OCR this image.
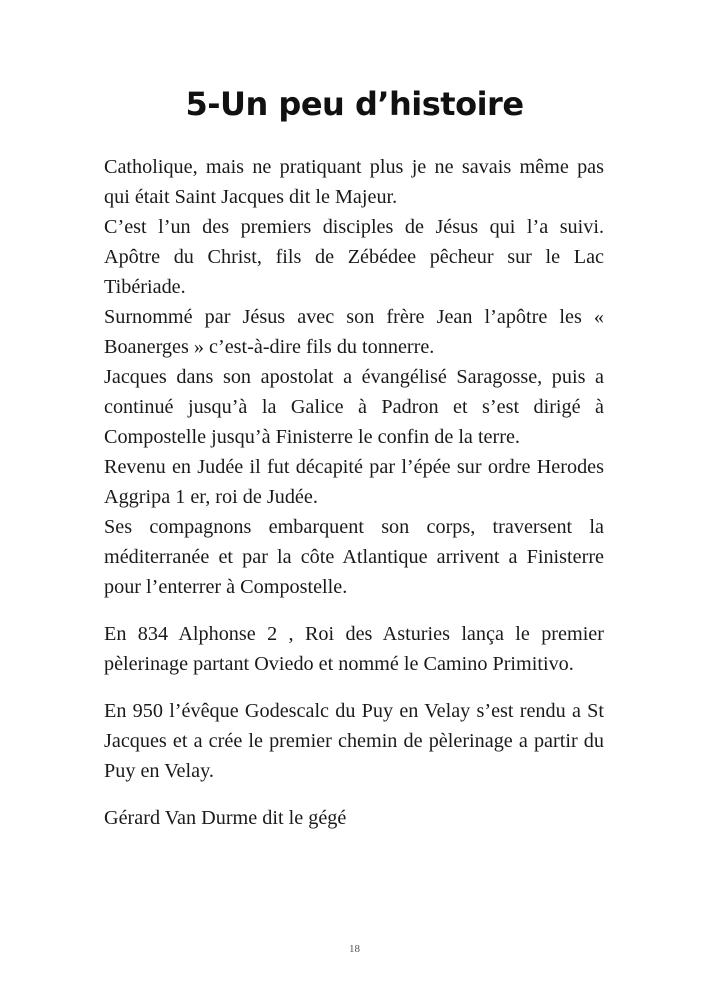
5-Un peu d’histoire

Catholique, mais ne pratiquant plus je ne savais même pas qui était Saint Jacques dit le Majeur.

C’est l’un des premiers disciples de Jésus qui l’a suivi. Apôtre du Christ, fils de Zébédee pêcheur sur le Lac Tibériade.

Surnommé par Jésus avec son frère Jean l’apôtre les « Boanerges » c’est-à-dire fils du tonnerre.

Jacques dans son apostolat a évangélisé Saragosse, puis a continué jusqu’à la Galice à Padron et s’est dirigé à Compostelle jusqu’à Finisterre le confin de la terre.

Revenu en Judée il fut décapité par l’épée sur ordre Herodes Aggripa 1 er, roi de Judée.

Ses compagnons embarquent son corps, traversent la méditerranée et par la côte Atlantique arrivent a Finisterre pour l’enterrer à Compostelle.

En 834 Alphonse 2 , Roi des Asturies lança le premier pèlerinage partant Oviedo et nommé le Camino Primitivo.

En 950 l’évêque Godescalc du Puy en Velay s’est rendu a St Jacques et a crée le premier chemin de pèlerinage a partir du Puy en Velay.

Gérard Van Durme dit le gégé

18
